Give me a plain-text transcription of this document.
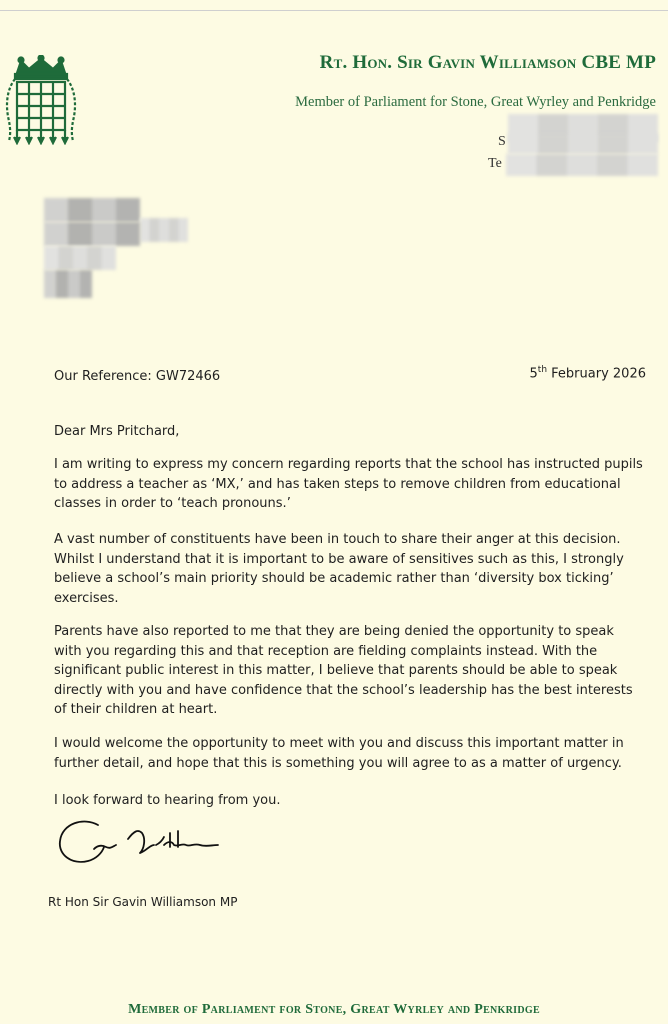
Rt. Hon. Sir Gavin Williamson CBE MP
Member of Parliament for Stone, Great Wyrley and Penkridge
S
Te
Our Reference: GW72466	5th February 2026
Dear Mrs Pritchard,
I am writing to express my concern regarding reports that the school has instructed pupils to address a teacher as ‘MX,’ and has taken steps to remove children from educational classes in order to ‘teach pronouns.’
A vast number of constituents have been in touch to share their anger at this decision. Whilst I understand that it is important to be aware of sensitives such as this, I strongly believe a school’s main priority should be academic rather than ‘diversity box ticking’ exercises.
Parents have also reported to me that they are being denied the opportunity to speak with you regarding this and that reception are fielding complaints instead. With the significant public interest in this matter, I believe that parents should be able to speak directly with you and have confidence that the school’s leadership has the best interests of their children at heart.
I would welcome the opportunity to meet with you and discuss this important matter in further detail, and hope that this is something you will agree to as a matter of urgency.
I look forward to hearing from you.
Rt Hon Sir Gavin Williamson MP
Member of Parliament for Stone, Great Wyrley and Penkridge
